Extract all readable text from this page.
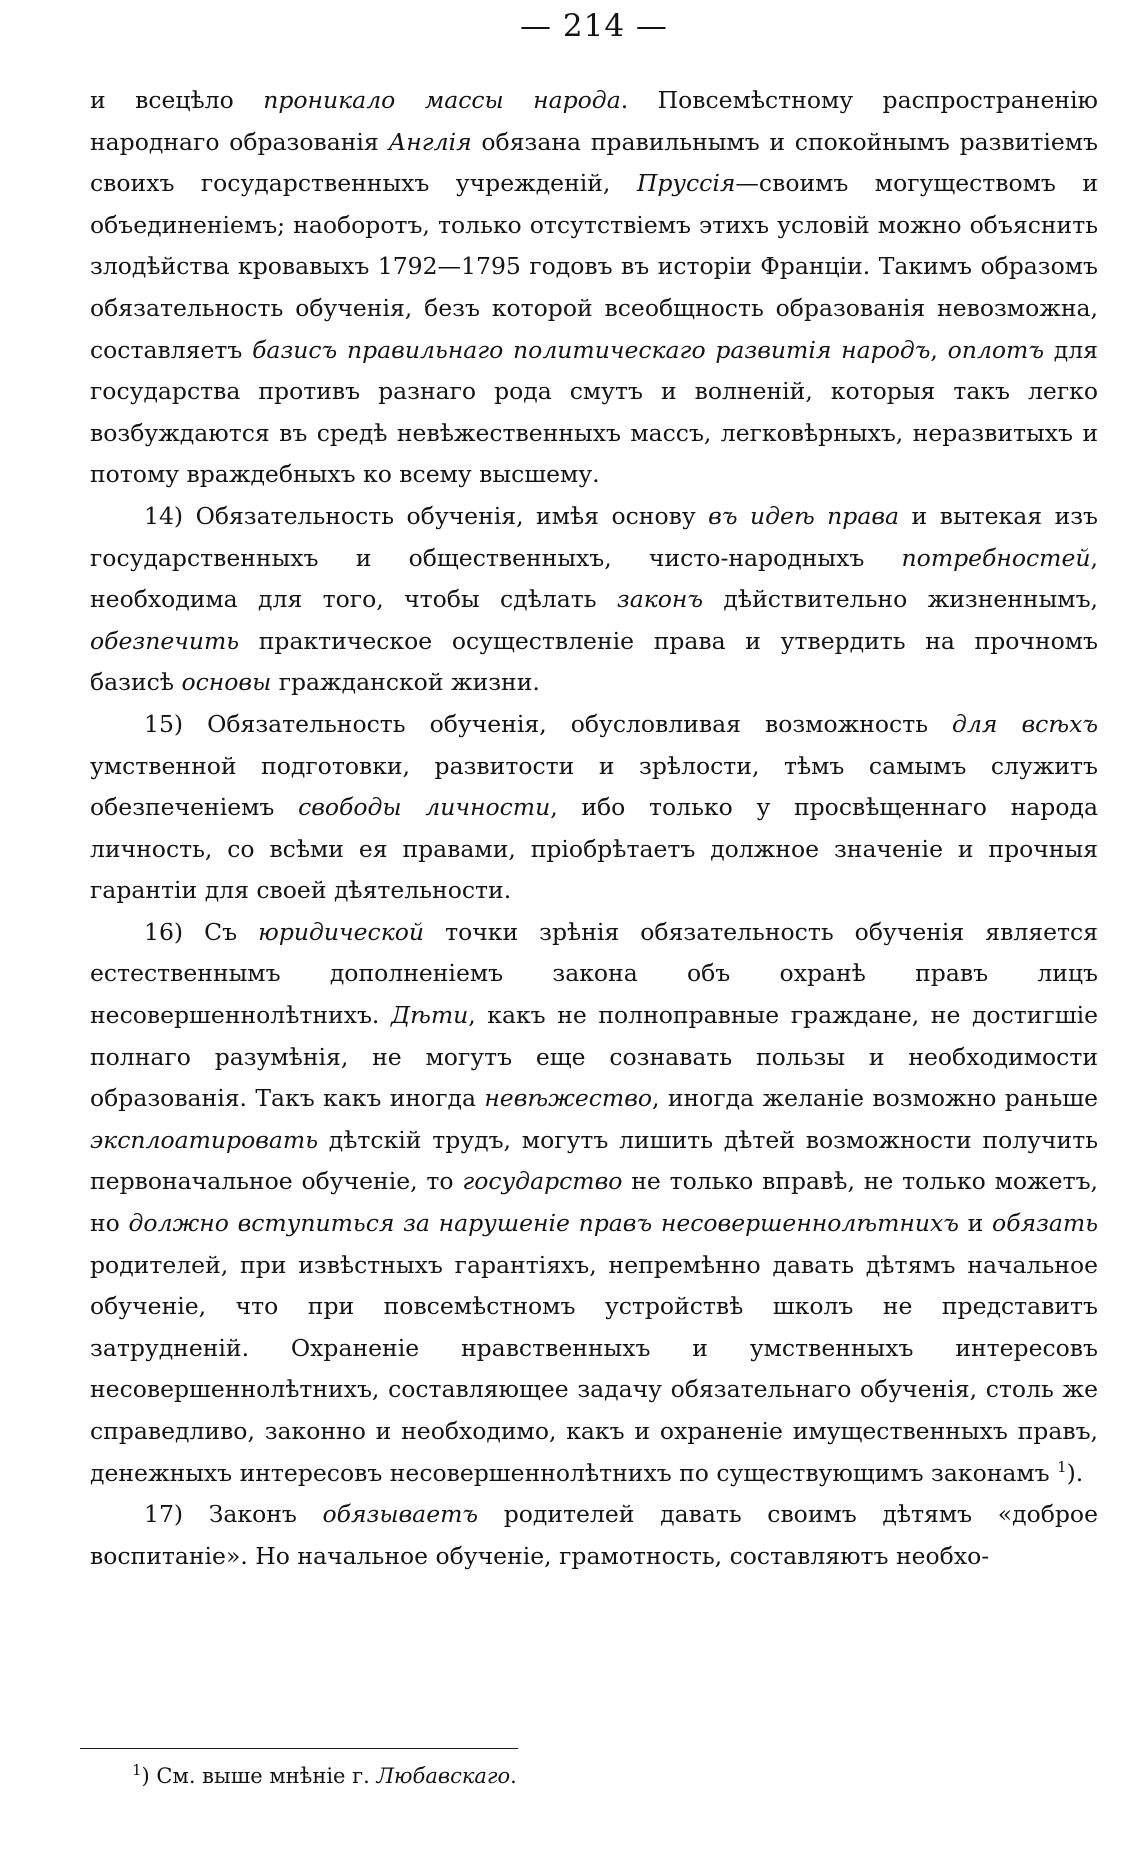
— 214 —

и всецѣло проникало массы народа. Повсемѣстному распространенію народнаго образованія Англія обязана правильнымъ и спокойнымъ развитіемъ своихъ государственныхъ учрежденій, Пруссія—своимъ могуществомъ и объединеніемъ; наоборотъ, только отсутствіемъ этихъ условій можно объяснить злодѣйства кровавыхъ 1792—1795 годовъ въ исторіи Франціи. Такимъ образомъ обязательность обученія, безъ которой всеобщность образованія невозможна, составляетъ базисъ правильнаго политическаго развитія народъ, оплотъ для государства противъ разнаго рода смутъ и волненій, которыя такъ легко возбуждаются въ средѣ невѣжественныхъ массъ, легковѣрныхъ, неразвитыхъ и потому враждебныхъ ко всему высшему.

14) Обязательность обученія, имѣя основу въ идеѣ права и вытекая изъ государственныхъ и общественныхъ, чисто-народныхъ потребностей, необходима для того, чтобы сдѣлать законъ дѣйствительно жизненнымъ, обезпечить практическое осуществленіе права и утвердить на прочномъ базисѣ основы гражданской жизни.

15) Обязательность обученія, обусловливая возможность для всѣхъ умственной подготовки, развитости и зрѣлости, тѣмъ самымъ служитъ обезпеченіемъ свободы личности, ибо только у просвѣщеннаго народа личность, со всѣми ея правами, пріобрѣтаетъ должное значеніе и прочныя гарантіи для своей дѣятельности.

16) Съ юридической точки зрѣнія обязательность обученія является естественнымъ дополненіемъ закона объ охранѣ правъ лицъ несовершеннолѣтнихъ. Дѣти, какъ не полноправные граждане, не достигшіе полнаго разумѣнія, не могутъ еще сознавать пользы и необходимости образованія. Такъ какъ иногда невѣжество, иногда желаніе возможно раньше эксплоатировать дѣтскій трудъ, могутъ лишить дѣтей возможности получить первоначальное обученіе, то государство не только вправѣ, не только можетъ, но должно вступиться за нарушеніе правъ несовершеннолѣтнихъ и обязать родителей, при извѣстныхъ гарантіяхъ, непремѣнно давать дѣтямъ начальное обученіе, что при повсемѣстномъ устройствѣ школъ не представитъ затрудненій. Охраненіе нравственныхъ и умственныхъ интересовъ несовершеннолѣтнихъ, составляющее задачу обязательнаго обученія, столь же справедливо, законно и необходимо, какъ и охраненіе имущественныхъ правъ, денежныхъ интересовъ несовершеннолѣтнихъ по существующимъ законамъ $^1$).

17) Законъ обязываетъ родителей давать своимъ дѣтямъ «доброе воспитаніе». Но начальное обученіе, грамотность, составляютъ необхо-

$^1$) См. выше мнѣніе г. Любавскаго.
